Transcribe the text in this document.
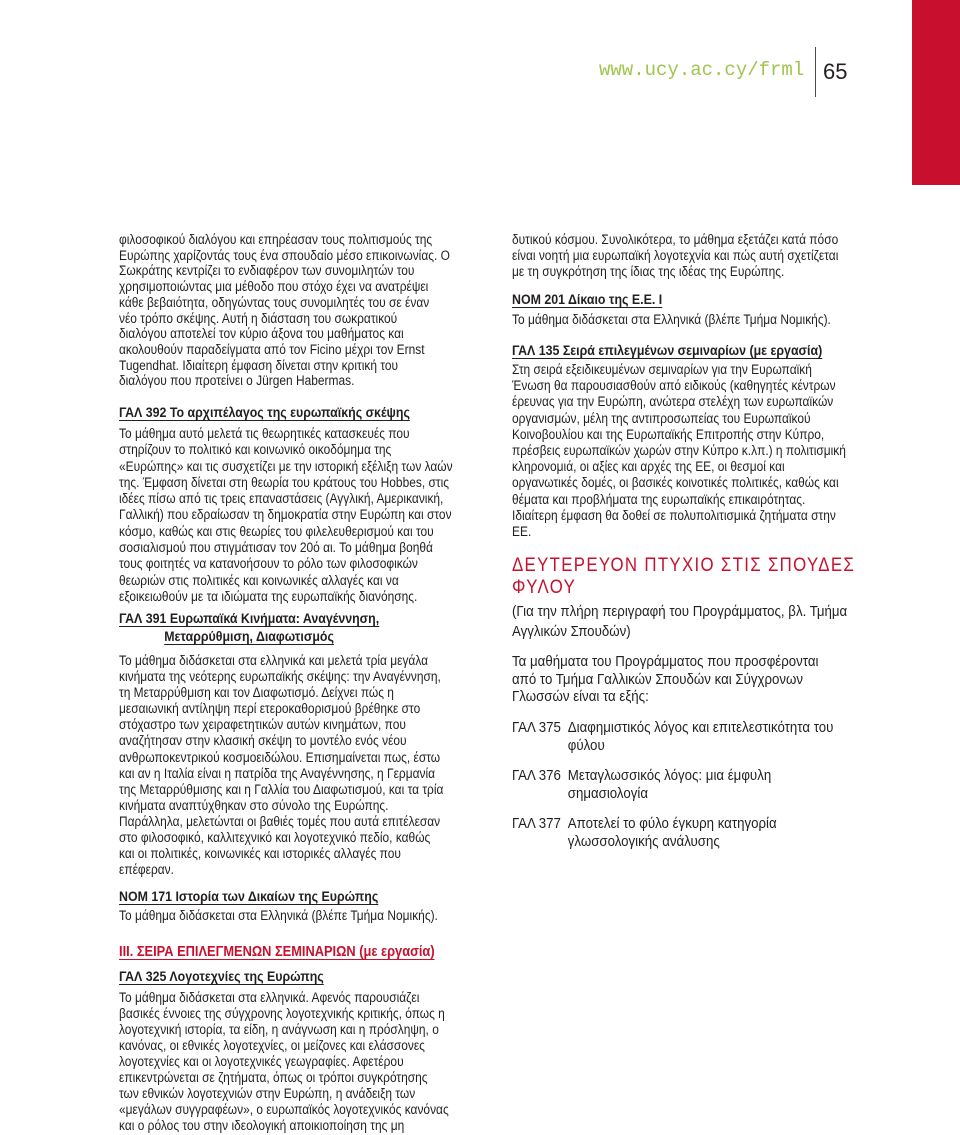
www.ucy.ac.cy/frml 65
φιλοσοφικού διαλόγου και επηρέασαν τους πολιτισμούς της
Ευρώπης χαρίζοντάς τους ένα σπουδαίο μέσο επικοινωνίας. Ο
Σωκράτης κεντρίζει το ενδιαφέρον των συνομιλητών του
χρησιμοποιώντας μια μέθοδο που στόχο έχει να ανατρέψει
κάθε βεβαιότητα, οδηγώντας τους συνομιλητές του σε έναν
νέο τρόπο σκέψης. Αυτή η διάσταση του σωκρατικού
διαλόγου αποτελεί τον κύριο άξονα του μαθήματος και
ακολουθούν παραδείγματα από τον Ficino μέχρι τον Ernst
Tugendhat. Ιδιαίτερη έμφαση δίνεται στην κριτική του
διαλόγου που προτείνει ο Jürgen Habermas.
ΓΑΛ 392 Το αρχιπέλαγος της ευρωπαϊκής σκέψης
Το μάθημα αυτό μελετά τις θεωρητικές κατασκευές που
στηρίζουν το πολιτικό και κοινωνικό οικοδόμημα της
«Ευρώπης» και τις συσχετίζει με την ιστορική εξέλιξη των λαών
της. Έμφαση δίνεται στη θεωρία του κράτους του Hobbes, στις
ιδέες πίσω από τις τρεις επαναστάσεις (Αγγλική, Αμερικανική,
Γαλλική) που εδραίωσαν τη δημοκρατία στην Ευρώπη και στον
κόσμο, καθώς και στις θεωρίες του φιλελευθερισμού και του
σοσιαλισμού που στιγμάτισαν τον 20ό αι. Το μάθημα βοηθά
τους φοιτητές να κατανοήσουν το ρόλο των φιλοσοφικών
θεωριών στις πολιτικές και κοινωνικές αλλαγές και να
εξοικειωθούν με τα ιδιώματα της ευρωπαϊκής διανόησης.
ΓΑΛ 391 Ευρωπαϊκά Κινήματα: Αναγέννηση,
Μεταρρύθμιση, Διαφωτισμός
Το μάθημα διδάσκεται στα ελληνικά και μελετά τρία μεγάλα
κινήματα της νεότερης ευρωπαϊκής σκέψης: την Αναγέννηση,
τη Μεταρρύθμιση και τον Διαφωτισμό. Δείχνει πώς η
μεσαιωνική αντίληψη περί ετεροκαθορισμού βρέθηκε στο
στόχαστρο των χειραφετητικών αυτών κινημάτων, που
αναζήτησαν στην κλασική σκέψη το μοντέλο ενός νέου
ανθρωποκεντρικού κοσμοειδώλου. Επισημαίνεται πως, έστω
και αν η Ιταλία είναι η πατρίδα της Αναγέννησης, η Γερμανία
της Μεταρρύθμισης και η Γαλλία του Διαφωτισμού, και τα τρία
κινήματα αναπτύχθηκαν στο σύνολο της Ευρώπης.
Παράλληλα, μελετώνται οι βαθιές τομές που αυτά επιτέλεσαν
στο φιλοσοφικό, καλλιτεχνικό και λογοτεχνικό πεδίο, καθώς
και οι πολιτικές, κοινωνικές και ιστορικές αλλαγές που
επέφεραν.
ΝΟΜ 171 Ιστορία των Δικαίων της Ευρώπης
Το μάθημα διδάσκεται στα Ελληνικά (βλέπε Τμήμα Νομικής).
III. ΣΕΙΡΑ ΕΠΙΛΕΓΜΕΝΩΝ ΣΕΜΙΝΑΡΙΩΝ (με εργασία)
ΓΑΛ 325 Λογοτεχνίες της Ευρώπης
Το μάθημα διδάσκεται στα ελληνικά. Αφενός παρουσιάζει
βασικές έννοιες της σύγχρονης λογοτεχνικής κριτικής, όπως η
λογοτεχνική ιστορία, τα είδη, η ανάγνωση και η πρόσληψη, ο
κανόνας, οι εθνικές λογοτεχνίες, οι μείζονες και ελάσσονες
λογοτεχνίες και οι λογοτεχνικές γεωγραφίες. Αφετέρου
επικεντρώνεται σε ζητήματα, όπως οι τρόποι συγκρότησης
των εθνικών λογοτεχνιών στην Ευρώπη, η ανάδειξη των
«μεγάλων συγγραφέων», ο ευρωπαϊκός λογοτεχνικός κανόνας
και ο ρόλος του στην ιδεολογική αποικιοποίηση της μη
δυτικού κόσμου. Συνολικότερα, το μάθημα εξετάζει κατά πόσο
είναι νοητή μια ευρωπαϊκή λογοτεχνία και πώς αυτή σχετίζεται
με τη συγκρότηση της ίδιας της ιδέας της Ευρώπης.
ΝΟΜ 201 Δίκαιο της Ε.Ε. Ι
Το μάθημα διδάσκεται στα Ελληνικά (βλέπε Τμήμα Νομικής).
ΓΑΛ 135 Σειρά επιλεγμένων σεμιναρίων (με εργασία)
Στη σειρά εξειδικευμένων σεμιναρίων για την Ευρωπαϊκή
Ένωση θα παρουσιασθούν από ειδικούς (καθηγητές κέντρων
έρευνας για την Ευρώπη, ανώτερα στελέχη των ευρωπαϊκών
οργανισμών, μέλη της αντιπροσωπείας του Ευρωπαϊκού
Κοινοβουλίου και της Ευρωπαϊκής Επιτροπής στην Κύπρο,
πρέσβεις ευρωπαϊκών χωρών στην Κύπρο κ.λπ.) η πολιτισμική
κληρονομιά, οι αξίες και αρχές της ΕΕ, οι θεσμοί και
οργανωτικές δομές, οι βασικές κοινοτικές πολιτικές, καθώς και
θέματα και προβλήματα της ευρωπαϊκής επικαιρότητας.
Ιδιαίτερη έμφαση θα δοθεί σε πολυπολιτισμικά ζητήματα στην
ΕΕ.
ΔΕΥΤΕΡΕΥΟΝ ΠΤΥΧΙΟ ΣΤΙΣ ΣΠΟΥΔΕΣ
ΦΥΛΟΥ
(Για την πλήρη περιγραφή του Προγράμματος, βλ. Τμήμα
Αγγλικών Σπουδών)
Τα μαθήματα του Προγράμματος που προσφέρονται
από το Τμήμα Γαλλικών Σπουδών και Σύγχρονων
Γλωσσών είναι τα εξής:
ΓΑΛ 375 Διαφημιστικός λόγος και επιτελεστικότητα του
φύλου
ΓΑΛ 376 Μεταγλωσσικός λόγος: μια έμφυλη
σημασιολογία
ΓΑΛ 377 Αποτελεί το φύλο έγκυρη κατηγορία
γλωσσολογικής ανάλυσης
